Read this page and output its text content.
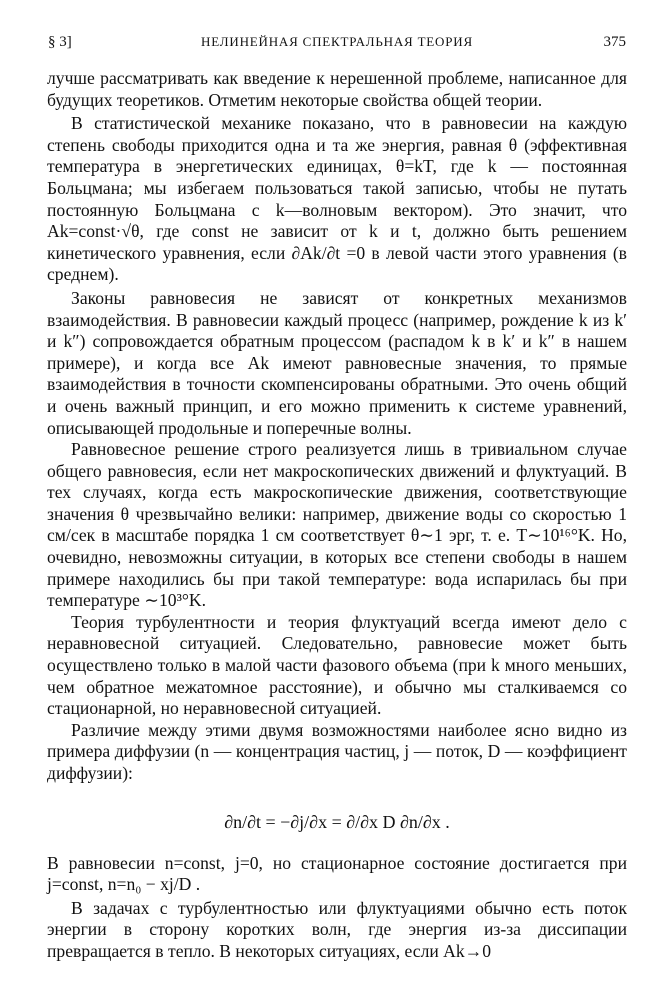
§ 3]	НЕЛИНЕЙНАЯ СПЕКТРАЛЬНАЯ ТЕОРИЯ	375

лучше рассматривать как введение к нерешенной проблеме, написанное для будущих теоретиков. Отметим некоторые свойства общей теории.

В статистической механике показано, что в равновесии на каждую степень свободы приходится одна и та же энергия, равная θ (эффективная температура в энергетических единицах, θ=kT, где k — постоянная Больцмана; мы избегаем пользоваться такой записью, чтобы не путать постоянную Больцмана с k—волновым вектором). Это значит, что Ak=const·√θ, где const не зависит от k и t, должно быть решением кинетического уравнения, если ∂Ak/∂t =0 в левой части этого уравнения (в среднем).

Законы равновесия не зависят от конкретных механизмов взаимодействия. В равновесии каждый процесс (например, рождение k из k′ и k″) сопровождается обратным процессом (распадом k в k′ и k″ в нашем примере), и когда все Ak имеют равновесные значения, то прямые взаимодействия в точности скомпенсированы обратными. Это очень общий и очень важный принцип, и его можно применить к системе уравнений, описывающей продольные и поперечные волны.

Равновесное решение строго реализуется лишь в тривиальном случае общего равновесия, если нет макроскопических движений и флуктуаций. В тех случаях, когда есть макроскопические движения, соответствующие значения θ чрезвычайно велики: например, движение воды со скоростью 1 см/сек в масштабе порядка 1 см соответствует θ∼1 эрг, т. е. T∼10¹⁶°K. Но, очевидно, невозможны ситуации, в которых все степени свободы в нашем примере находились бы при такой температуре: вода испарилась бы при температуре ∼10³°K.

Теория турбулентности и теория флуктуаций всегда имеют дело с неравновесной ситуацией. Следовательно, равновесие может быть осуществлено только в малой части фазового объема (при k много меньших, чем обратное межатомное расстояние), и обычно мы сталкиваемся со стационарной, но неравновесной ситуацией.

Различие между этими двумя возможностями наиболее ясно видно из примера диффузии (n — концентрация частиц, j — поток, D — коэффициент диффузии):

∂n/∂t = −∂j/∂x = ∂/∂x D ∂n/∂x .

В равновесии n=const, j=0, но стационарное состояние достигается при j=const, n=n₀ − xj/D .

В задачах с турбулентностью или флуктуациями обычно есть поток энергии в сторону коротких волн, где энергия из-за диссипации превращается в тепло. В некоторых ситуациях, если Ak→0
